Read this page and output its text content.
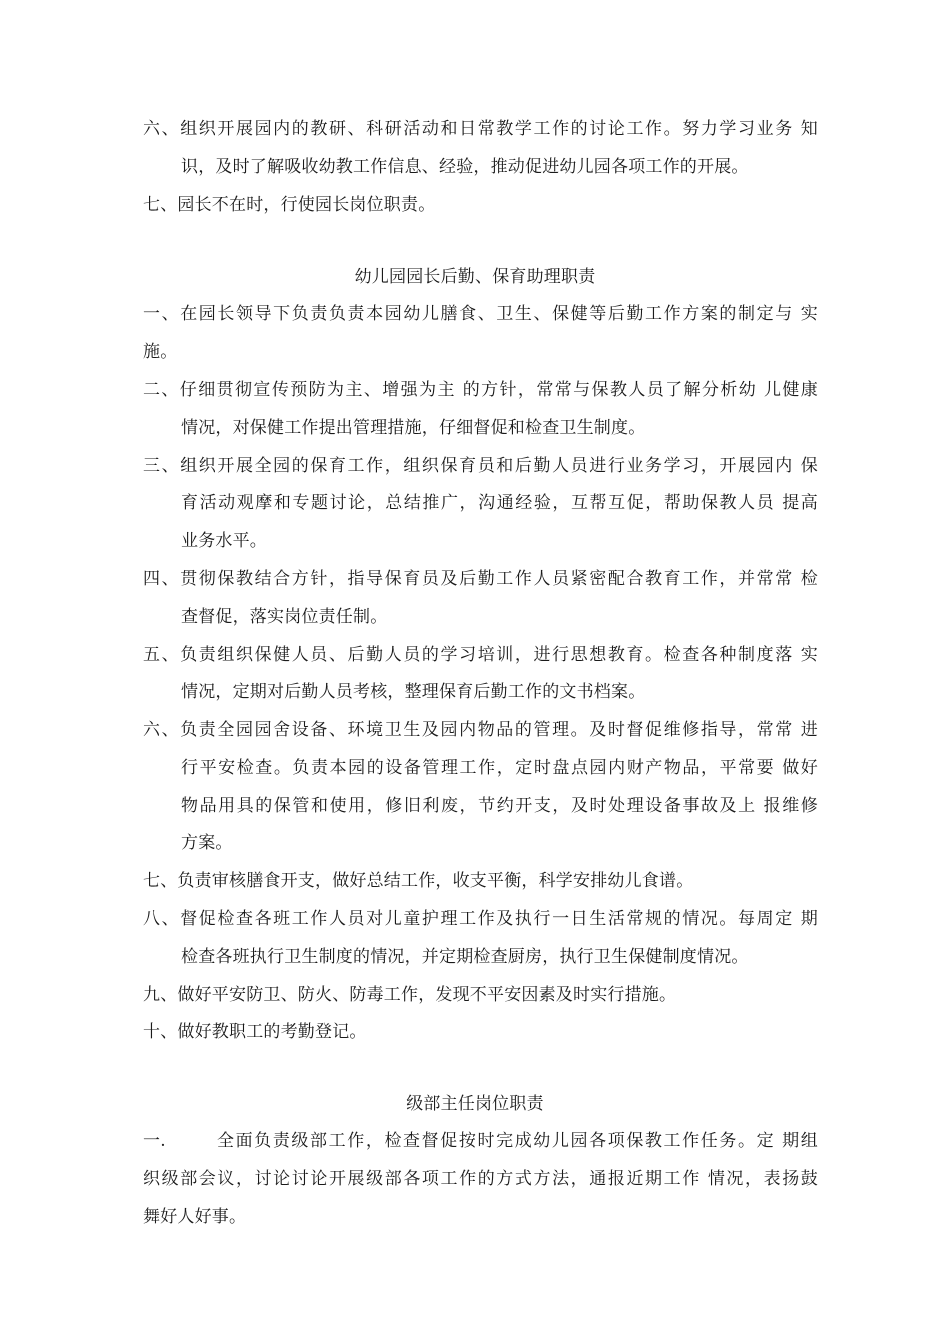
六、组织开展园内的教研、科研活动和日常教学工作的讨论工作。努力学习业务 知
识，及时了解吸收幼教工作信息、经验，推动促进幼儿园各项工作的开展。
七、园长不在时，行使园长岗位职责。
幼儿园园长后勤、保育助理职责
一、在园长领导下负责负责本园幼儿膳食、卫生、保健等后勤工作方案的制定与 实
施。
二、仔细贯彻宣传预防为主、增强为主 的方针，常常与保教人员了解分析幼 儿健康
情况，对保健工作提出管理措施，仔细督促和检查卫生制度。
三、组织开展全园的保育工作，组织保育员和后勤人员进行业务学习，开展园内 保
育活动观摩和专题讨论，总结推广，沟通经验，互帮互促，帮助保教人员 提高
业务水平。
四、贯彻保教结合方针，指导保育员及后勤工作人员紧密配合教育工作，并常常 检
查督促，落实岗位责任制。
五、负责组织保健人员、后勤人员的学习培训，进行思想教育。检查各种制度落 实
情况，定期对后勤人员考核，整理保育后勤工作的文书档案。
六、负责全园园舍设备、环境卫生及园内物品的管理。及时督促维修指导，常常 进
行平安检查。负责本园的设备管理工作，定时盘点园内财产物品，平常要 做好
物品用具的保管和使用，修旧利废，节约开支，及时处理设备事故及上 报维修
方案。
七、负责审核膳食开支，做好总结工作，收支平衡，科学安排幼儿食谱。
八、督促检查各班工作人员对儿童护理工作及执行一日生活常规的情况。每周定 期
检查各班执行卫生制度的情况，并定期检查厨房，执行卫生保健制度情况。
九、做好平安防卫、防火、防毒工作，发现不平安因素及时实行措施。
十、做好教职工的考勤登记。
级部主任岗位职责
一.	全面负责级部工作，检查督促按时完成幼儿园各项保教工作任务。定 期组
织级部会议，讨论讨论开展级部各项工作的方式方法，通报近期工作 情况，表扬鼓
舞好人好事。
